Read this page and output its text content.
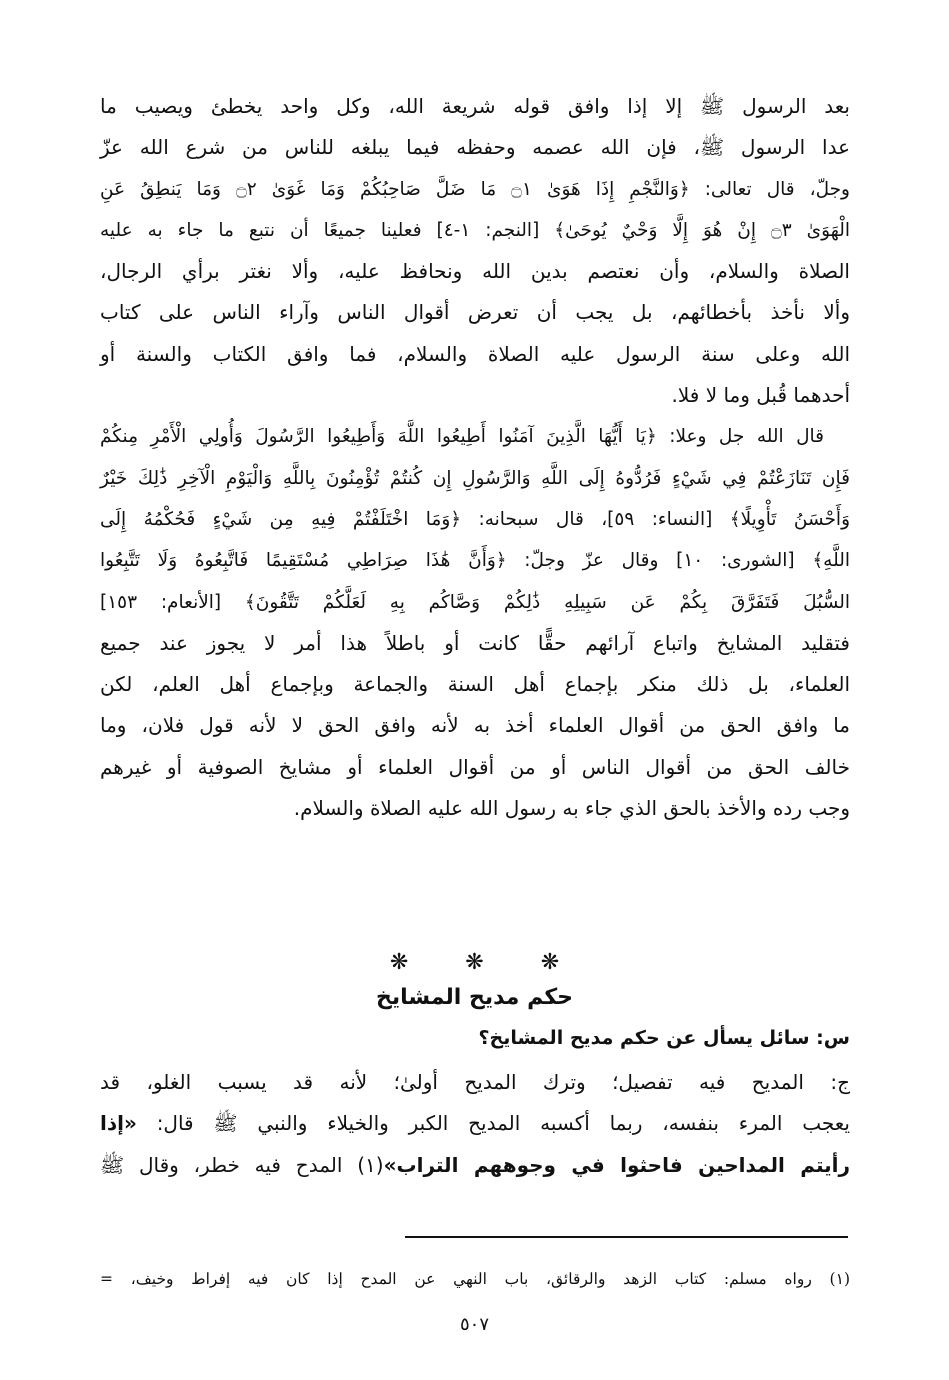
بعد الرسول ﷺ إلا إذا وافق قوله شريعة الله، وكل واحد يخطئ ويصيب ما
عدا الرسول ﷺ، فإن الله عصمه وحفظه فيما يبلغه للناس من شرع الله عزّ
وجلّ، قال تعالى: ﴿وَالنَّجْمِ إِذَا هَوَىٰ ۝١ مَا ضَلَّ صَاحِبُكُمْ وَمَا غَوَىٰ ۝٢ وَمَا يَنطِقُ عَنِ
الْهَوَىٰ ۝٣ إِنْ هُوَ إِلَّا وَحْيٌ يُوحَىٰ﴾ [النجم: ١-٤] فعلينا جميعًا أن نتبع ما جاء به عليه
الصلاة والسلام، وأن نعتصم بدين الله ونحافظ عليه، وألا نغتر برأي الرجال،
وألا نأخذ بأخطائهم، بل يجب أن تعرض أقوال الناس وآراء الناس على كتاب
الله وعلى سنة الرسول عليه الصلاة والسلام، فما وافق الكتاب والسنة أو
أحدهما قُبل وما لا فلا.
قال الله جل وعلا: ﴿يَا أَيُّهَا الَّذِينَ آمَنُوا أَطِيعُوا اللَّهَ وَأَطِيعُوا الرَّسُولَ وَأُولِي الْأَمْرِ مِنكُمْ
فَإِن تَنَازَعْتُمْ فِي شَيْءٍ فَرُدُّوهُ إِلَى اللَّهِ وَالرَّسُولِ إِن كُنتُمْ تُؤْمِنُونَ بِاللَّهِ وَالْيَوْمِ الْآخِرِ ذَٰلِكَ خَيْرٌ
وَأَحْسَنُ تَأْوِيلًا﴾ [النساء: ٥٩]، قال سبحانه: ﴿وَمَا اخْتَلَفْتُمْ فِيهِ مِن شَيْءٍ فَحُكْمُهُ إِلَى
اللَّهِ﴾ [الشورى: ١٠] وقال عزّ وجلّ: ﴿وَأَنَّ هَٰذَا صِرَاطِي مُسْتَقِيمًا فَاتَّبِعُوهُ وَلَا تَتَّبِعُوا
السُّبُلَ فَتَفَرَّقَ بِكُمْ عَن سَبِيلِهِ ذَٰلِكُمْ وَصَّاكُم بِهِ لَعَلَّكُمْ تَتَّقُونَ﴾ [الأنعام: ١٥٣]
فتقليد المشايخ واتباع آرائهم حقًّا كانت أو باطلاً هذا أمر لا يجوز عند جميع
العلماء، بل ذلك منكر بإجماع أهل السنة والجماعة وبإجماع أهل العلم، لكن
ما وافق الحق من أقوال العلماء أخذ به لأنه وافق الحق لا لأنه قول فلان، وما
خالف الحق من أقوال الناس أو من أقوال العلماء أو مشايخ الصوفية أو غيرهم
وجب رده والأخذ بالحق الذي جاء به رسول الله عليه الصلاة والسلام.
❋ ❋ ❋
حكم مديح المشايخ
س: سائل يسأل عن حكم مديح المشايخ؟
ج: المديح فيه تفصيل؛ وترك المديح أولىٰ؛ لأنه قد يسبب الغلو، قد
يعجب المرء بنفسه، ربما أكسبه المديح الكبر والخيلاء والنبي ﷺ قال: «إذا
رأيتم المداحين فاحثوا في وجوههم التراب»(١) المدح فيه خطر، وقال ﷺ
(١) رواه مسلم: كتاب الزهد والرقائق، باب النهي عن المدح إذا كان فيه إفراط وخيف، =
٥٠٧
